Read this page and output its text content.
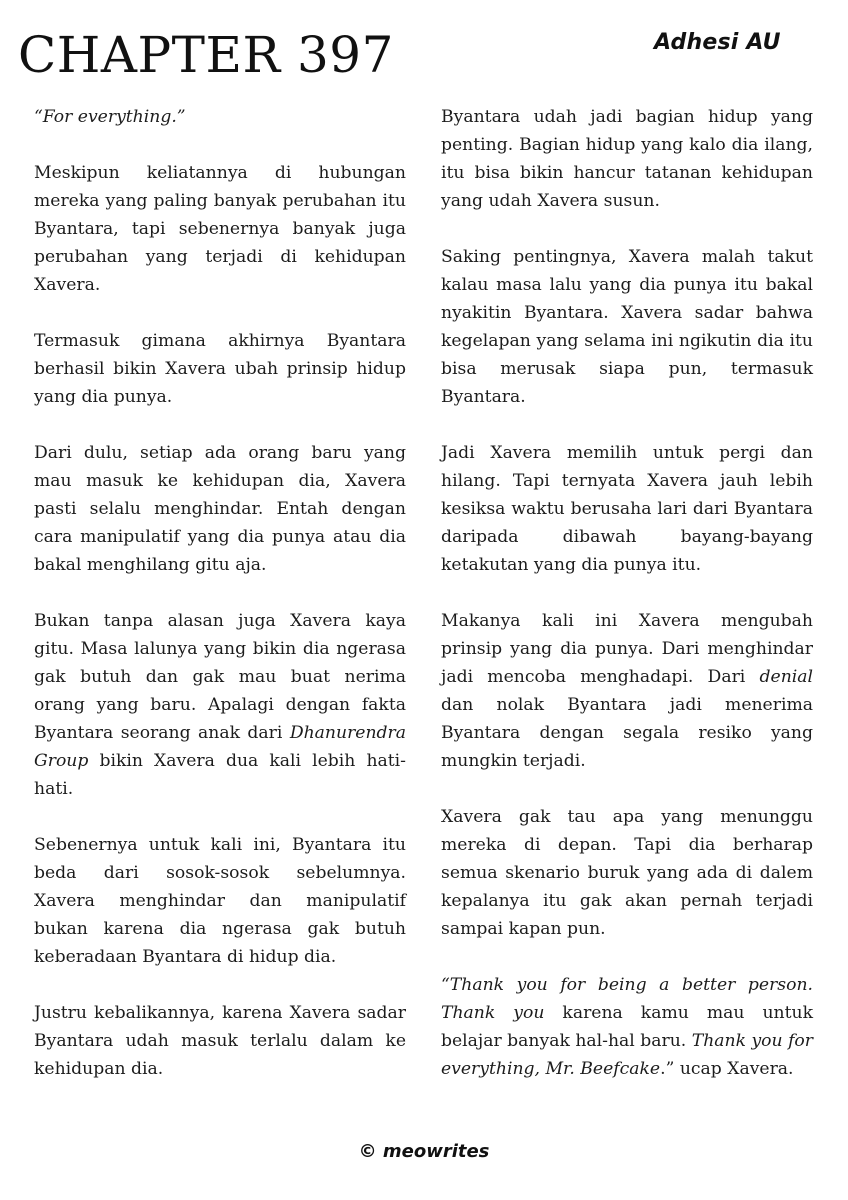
CHAPTER 397	Adhesi AU

“For everything.”

Meskipun keliatannya di hubungan mereka yang paling banyak perubahan itu Byantara, tapi sebenernya banyak juga perubahan yang terjadi di kehidupan Xavera.

Termasuk gimana akhirnya Byantara berhasil bikin Xavera ubah prinsip hidup yang dia punya.

Dari dulu, setiap ada orang baru yang mau masuk ke kehidupan dia, Xavera pasti selalu menghindar. Entah dengan cara manipulatif yang dia punya atau dia bakal menghilang gitu aja.

Bukan tanpa alasan juga Xavera kaya gitu. Masa lalunya yang bikin dia ngerasa gak butuh dan gak mau buat nerima orang yang baru. Apalagi dengan fakta Byantara seorang anak dari Dhanurendra Group bikin Xavera dua kali lebih hati-hati.

Sebenernya untuk kali ini, Byantara itu beda dari sosok-sosok sebelumnya. Xavera menghindar dan manipulatif bukan karena dia ngerasa gak butuh keberadaan Byantara di hidup dia.

Justru kebalikannya, karena Xavera sadar Byantara udah masuk terlalu dalam ke kehidupan dia.

Byantara udah jadi bagian hidup yang penting. Bagian hidup yang kalo dia ilang, itu bisa bikin hancur tatanan kehidupan yang udah Xavera susun.

Saking pentingnya, Xavera malah takut kalau masa lalu yang dia punya itu bakal nyakitin Byantara. Xavera sadar bahwa kegelapan yang selama ini ngikutin dia itu bisa merusak siapa pun, termasuk Byantara.

Jadi Xavera memilih untuk pergi dan hilang. Tapi ternyata Xavera jauh lebih kesiksa waktu berusaha lari dari Byantara daripada dibawah bayang-bayang ketakutan yang dia punya itu.

Makanya kali ini Xavera mengubah prinsip yang dia punya. Dari menghindar jadi mencoba menghadapi. Dari denial dan nolak Byantara jadi menerima Byantara dengan segala resiko yang mungkin terjadi.

Xavera gak tau apa yang menunggu mereka di depan. Tapi dia berharap semua skenario buruk yang ada di dalem kepalanya itu gak akan pernah terjadi sampai kapan pun.

“Thank you for being a better person. Thank you karena kamu mau untuk belajar banyak hal-hal baru. Thank you for everything, Mr. Beefcake.” ucap Xavera.

© meowrites
